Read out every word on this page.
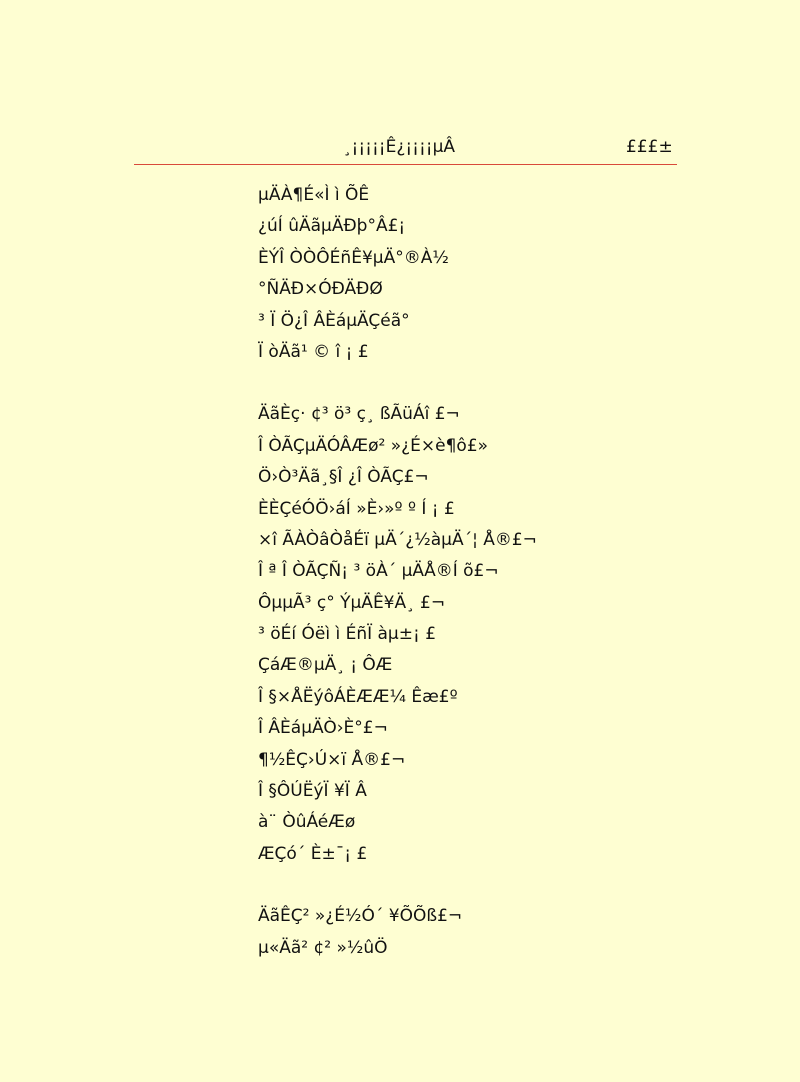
¸¡¡¡¡¡Ê¿¡¡¡¡µÂ	£££±
µÄÀ¶É«Ì ì ÕÊ
¿úÍ ûÄãµÄÐþ°Â£¡
ÈÝÎ ÒÒÔÉñÊ¥µÄ°®À½
°ÑÄÐ×ÓÐÄÐØ
³ Ï Ö¿Î ÂÈáµÄÇéã°
Ï òÄã¹ © î ¡ £
ÄãÈç· ¢³ ö³ ç¸ ßÃüÁî £¬
Î ÒÃÇµÄÓÂÆø² »¿É×è¶ô£»
Ö›Ò³Äã¸§Î ¿Î ÒÃÇ£¬
ÈÈÇéÓÖ›áÍ »È›»º º Í ¡ £
×î ÃÀÒâÒåÉï µÄ´¿½àµÄ´¦ Å®£¬
Î ª Î ÒÃÇÑ¡ ³ öÀ´ µÄÅ®Í õ£¬
ÔµµÃ³ ç° ÝµÄÊ¥Ä¸ £¬
³ öÉí Óëì ì ÉñÏ àµ±¡ £
ÇáÆ®µÄ¸ ¡ ÔÆ
Î §×ÅËýôÁÈÆÆ¼ Êæ£º
Î ÂÈáµÄÒ›È°£¬
¶½ÊÇ›Ú×ï Å®£¬
Î §ÔÚËýÏ ¥Ï Â
à¨ ÒûÁéÆø
ÆÇó´ È±¯¡ £
ÄãÊÇ² »¿É½Ó´ ¥ÕÕß£¬
µ«Äã² ¢² »½ûÖ
